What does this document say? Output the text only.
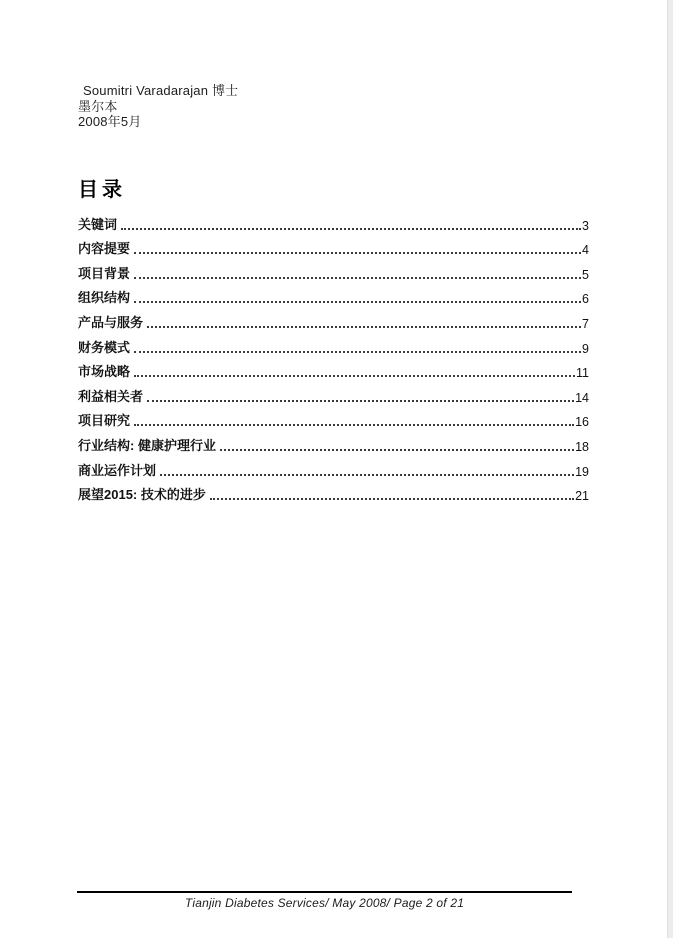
Soumitri Varadarajan 博士
墨尔本
2008年5月
目录
关键词	3
内容提要	4
项目背景	5
组织结构	6
产品与服务	7
财务模式	9
市场战略	11
利益相关者	14
项目研究	16
行业结构: 健康护理行业	18
商业运作计划	19
展望2015: 技术的进步	21
Tianjin Diabetes Services/ May 2008/ Page 2 of 21
